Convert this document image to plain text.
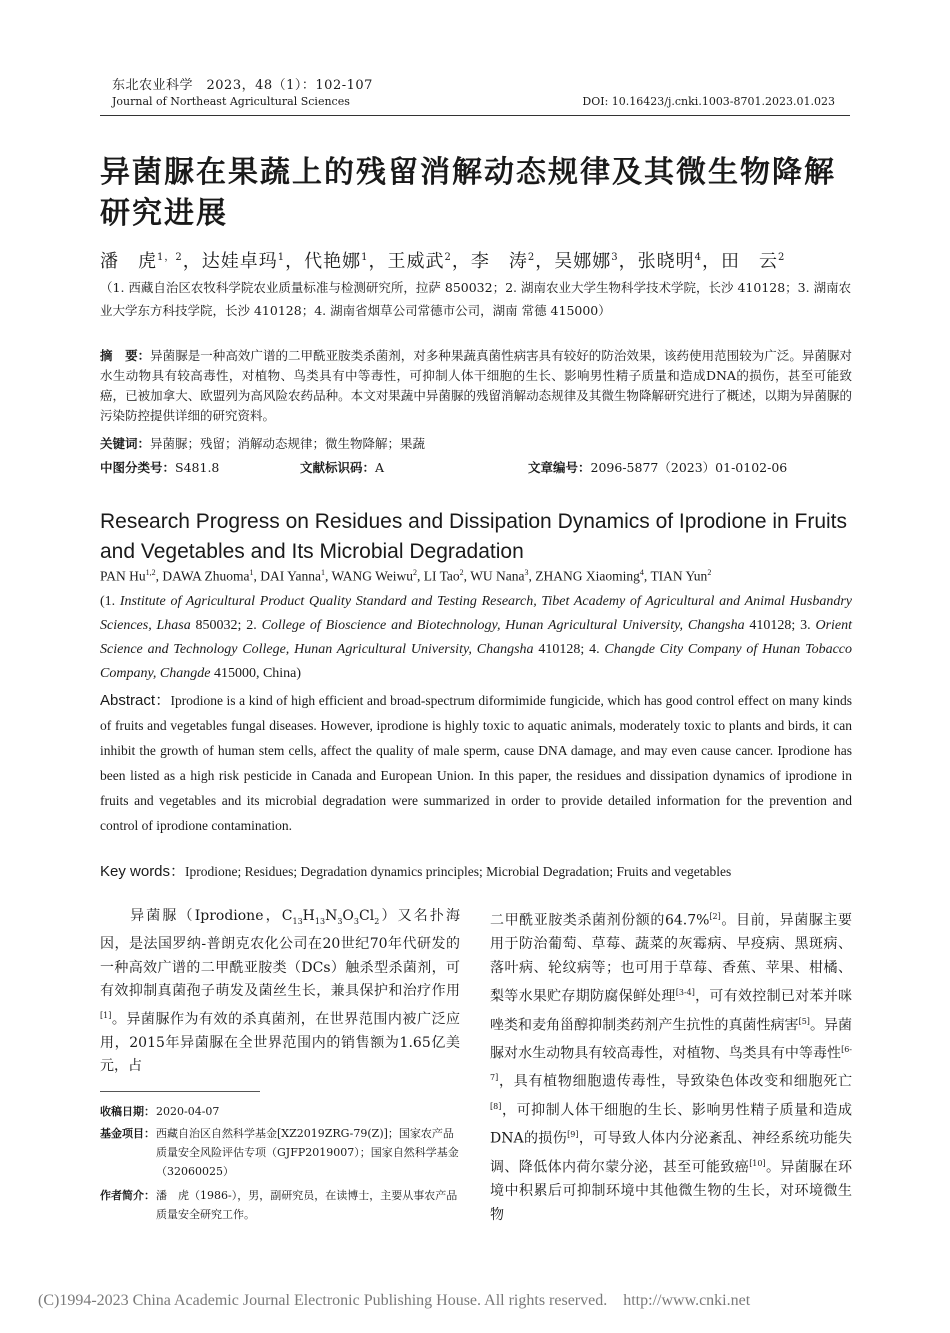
东北农业科学　2023，48（1）：102-107
Journal of Northeast Agricultural Sciences	DOI: 10.16423/j.cnki.1003-8701.2023.01.023
异菌脲在果蔬上的残留消解动态规律及其微生物降解研究进展
潘　虎$^{1,2}$，达娃卓玛$^1$，代艳娜$^1$，王威武$^2$，李　涛$^2$，吴娜娜$^3$，张晓明$^4$，田　云$^2$
（1. 西藏自治区农牧科学院农业质量标准与检测研究所，拉萨 850032；2. 湖南农业大学生物科学技术学院，长沙 410128；3. 湖南农业大学东方科技学院，长沙 410128；4. 湖南省烟草公司常德市公司，湖南 常德 415000）
摘　要：异菌脲是一种高效广谱的二甲酰亚胺类杀菌剂，对多种果蔬真菌性病害具有较好的防治效果，该药使用范围较为广泛。异菌脲对水生动物具有较高毒性，对植物、鸟类具有中等毒性，可抑制人体干细胞的生长、影响男性精子质量和造成DNA的损伤，甚至可能致癌，已被加拿大、欧盟列为高风险农药品种。本文对果蔬中异菌脲的残留消解动态规律及其微生物降解研究进行了概述，以期为异菌脲的污染防控提供详细的研究资料。
关键词：异菌脲；残留；消解动态规律；微生物降解；果蔬
中图分类号：S481.8	文献标识码：A	文章编号：2096-5877（2023）01-0102-06
Research Progress on Residues and Dissipation Dynamics of Iprodione in Fruits and Vegetables and Its Microbial Degradation
PAN Hu$^{1,2}$, DAWA Zhuoma$^1$, DAI Yanna$^1$, WANG Weiwu$^2$, LI Tao$^2$, WU Nana$^3$, ZHANG Xiaoming$^4$, TIAN Yun$^2$
(1. Institute of Agricultural Product Quality Standard and Testing Research, Tibet Academy of Agricultural and Animal Husbandry Sciences, Lhasa 850032; 2. College of Bioscience and Biotechnology, Hunan Agricultural University, Changsha 410128; 3. Orient Science and Technology College, Hunan Agricultural University, Changsha 410128; 4. Changde City Company of Hunan Tobacco Company, Changde 415000, China)
Abstract：Iprodione is a kind of high efficient and broad-spectrum diformimide fungicide, which has good control effect on many kinds of fruits and vegetables fungal diseases. However, iprodione is highly toxic to aquatic animals, moderately toxic to plants and birds, it can inhibit the growth of human stem cells, affect the quality of male sperm, cause DNA damage, and may even cause cancer. Iprodione has been listed as a high risk pesticide in Canada and European Union. In this paper, the residues and dissipation dynamics of iprodione in fruits and vegetables and its microbial degradation were summarized in order to provide detailed information for the prevention and control of iprodione contamination.
Key words：Iprodione; Residues; Degradation dynamics principles; Microbial Degradation; Fruits and vegetables
  异菌脲（Iprodione，$C_{13}H_{13}N_3O_3Cl_2$）又名扑海因，是法国罗纳-普朗克农化公司在20世纪70年代研发的一种高效广谱的二甲酰亚胺类（DCs）触杀型杀菌剂，可有效抑制真菌孢子萌发及菌丝生长，兼具保护和治疗作用[1]。异菌脲作为有效的杀真菌剂，在世界范围内被广泛应用，2015年异菌脲在全世界范围内的销售额为1.65亿美元，占
收稿日期： 2020-04-07
基金项目： 西藏自治区自然科学基金[XZ2019ZRG-79(Z)]；国家农产品质量安全风险评估专项（GJFP2019007）；国家自然科学基金（32060025）
作者简介： 潘　虎（1986-），男，副研究员，在读博士，主要从事农产品质量安全研究工作。
二甲酰亚胺类杀菌剂份额的64.7%[2]。目前，异菌脲主要用于防治葡萄、草莓、蔬菜的灰霉病、早疫病、黑斑病、落叶病、轮纹病等；也可用于草莓、香蕉、苹果、柑橘、梨等水果贮存期防腐保鲜处理[3-4]，可有效控制已对苯并咪唑类和麦角甾醇抑制类药剂产生抗性的真菌性病害[5]。异菌脲对水生动物具有较高毒性，对植物、鸟类具有中等毒性[6-7]，具有植物细胞遗传毒性，导致染色体改变和细胞死亡[8]，可抑制人体干细胞的生长、影响男性精子质量和造成DNA的损伤[9]，可导致人体内分泌紊乱、神经系统功能失调、降低体内荷尔蒙分泌，甚至可能致癌[10]。异菌脲在环境中积累后可抑制环境中其他微生物的生长，对环境微生物
(C)1994-2023 China Academic Journal Electronic Publishing House. All rights reserved.　http://www.cnki.net
